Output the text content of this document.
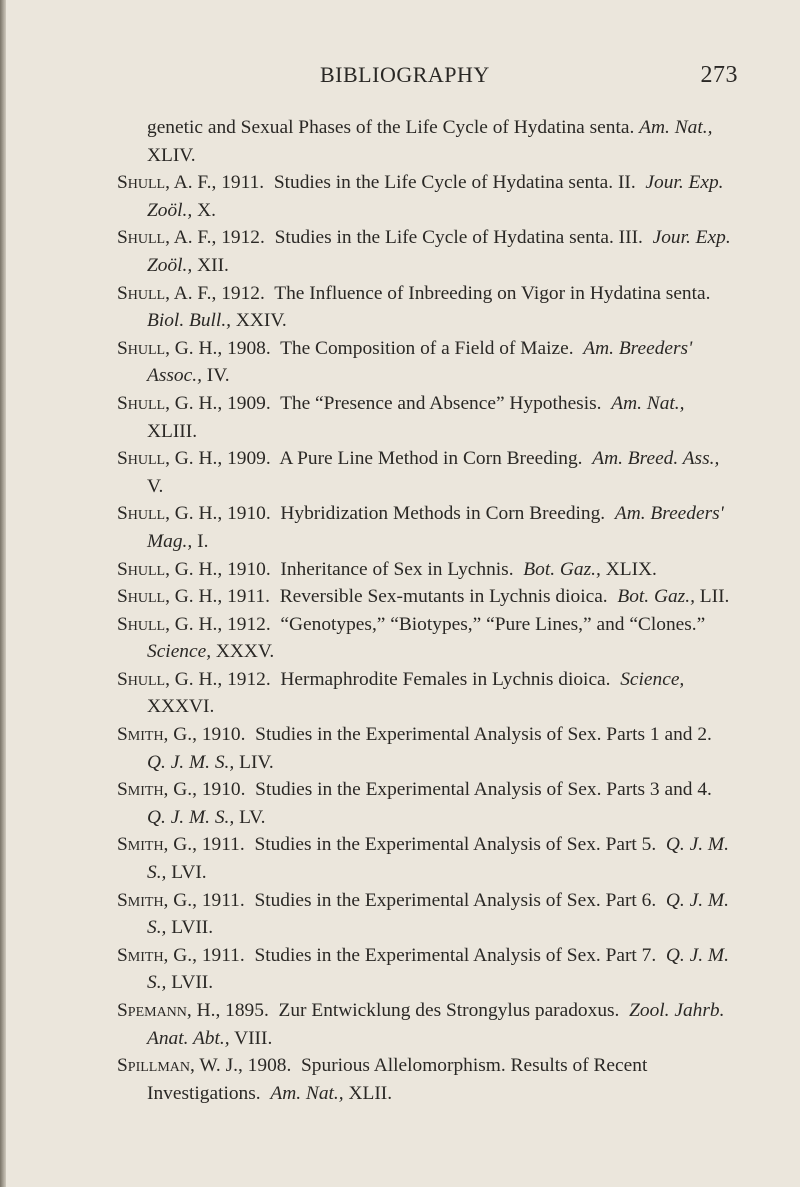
BIBLIOGRAPHY	273
genetic and Sexual Phases of the Life Cycle of Hydatina senta. Am. Nat., XLIV.
Shull, A. F., 1911. Studies in the Life Cycle of Hydatina senta. II. Jour. Exp. Zoöl., X.
Shull, A. F., 1912. Studies in the Life Cycle of Hydatina senta. III. Jour. Exp. Zoöl., XII.
Shull, A. F., 1912. The Influence of Inbreeding on Vigor in Hydatina senta.  Biol. Bull., XXIV.
Shull, G. H., 1908. The Composition of a Field of Maize. Am. Breeders' Assoc., IV.
Shull, G. H., 1909. The “Presence and Absence” Hypothesis. Am. Nat., XLIII.
Shull, G. H., 1909. A Pure Line Method in Corn Breeding. Am. Breed. Ass., V.
Shull, G. H., 1910. Hybridization Methods in Corn Breeding. Am. Breeders' Mag., I.
Shull, G. H., 1910. Inheritance of Sex in Lychnis. Bot. Gaz., XLIX.
Shull, G. H., 1911. Reversible Sex-mutants in Lychnis dioica. Bot. Gaz., LII.
Shull, G. H., 1912. “Genotypes,” “Biotypes,” “Pure Lines,” and “Clones.”  Science, XXXV.
Shull, G. H., 1912. Hermaphrodite Females in Lychnis dioica. Science, XXXVI.
Smith, G., 1910. Studies in the Experimental Analysis of Sex. Parts 1 and 2.  Q. J. M. S., LIV.
Smith, G., 1910. Studies in the Experimental Analysis of Sex. Parts 3 and 4.  Q. J. M. S., LV.
Smith, G., 1911. Studies in the Experimental Analysis of Sex. Part 5. Q. J. M. S., LVI.
Smith, G., 1911. Studies in the Experimental Analysis of Sex. Part 6. Q. J. M. S., LVII.
Smith, G., 1911. Studies in the Experimental Analysis of Sex. Part 7. Q. J. M. S., LVII.
Spemann, H., 1895. Zur Entwicklung des Strongylus paradoxus. Zool. Jahrb. Anat. Abt., VIII.
Spillman, W. J., 1908. Spurious Allelomorphism. Results of Recent Investigations. Am. Nat., XLII.
